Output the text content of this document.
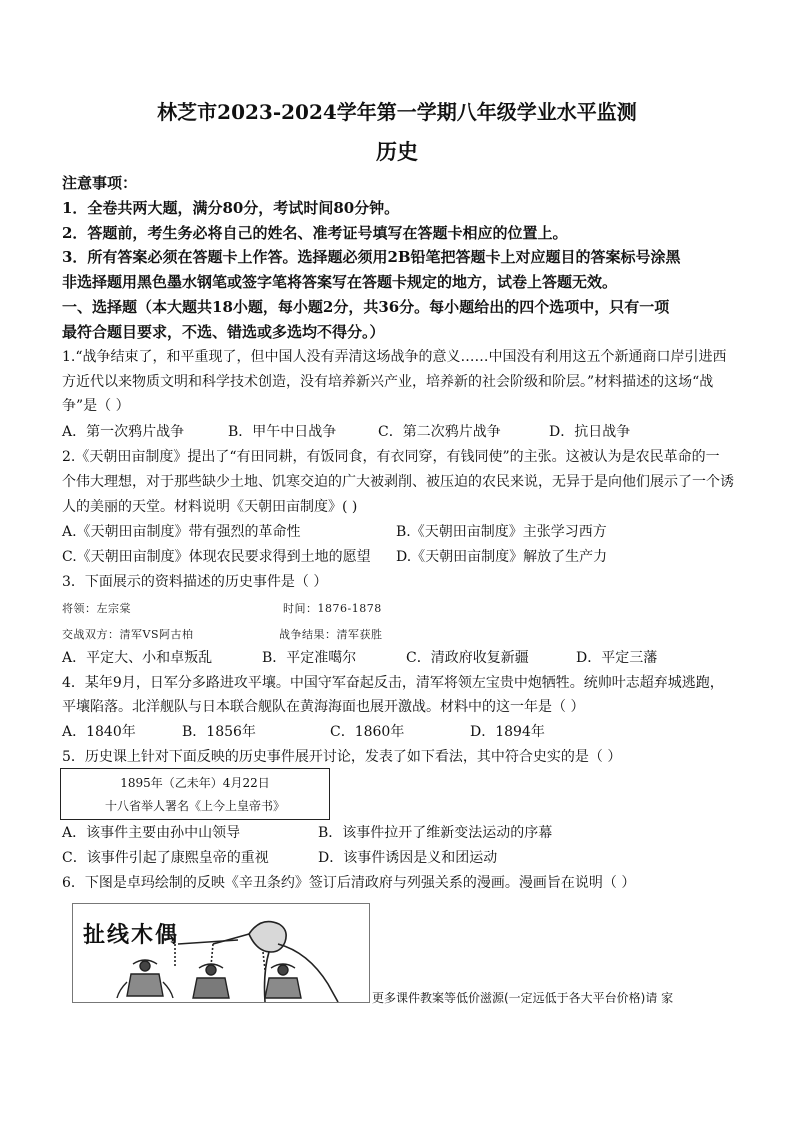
林芝市2023-2024学年第一学期八年级学业水平监测
历史
注意事项：
1．全卷共两大题，满分80分，考试时间80分钟。
2．答题前，考生务必将自己的姓名、准考证号填写在答题卡相应的位置上。
3．所有答案必须在答题卡上作答。选择题必须用2B铅笔把答题卡上对应题目的答案标号涂黑
非选择题用黑色墨水钢笔或签字笔将答案写在答题卡规定的地方，试卷上答题无效。
一、选择题（本大题共18小题，每小题2分，共36分。每小题给出的四个选项中，只有一项
最符合题目要求，不选、错选或多选均不得分。）
1.“战争结束了，和平重现了，但中国人没有弄清这场战争的意义……中国没有利用这五个新通商口岸引进西
方近代以来物质文明和科学技术创造，没有培养新兴产业，培养新的社会阶级和阶层。”材料描述的这场“战
争”是（ ）
A．第一次鸦片战争	B．甲午中日战争	C．第二次鸦片战争	D．抗日战争
2.《天朝田亩制度》提出了“有田同耕，有饭同食，有衣同穿，有钱同使”的主张。这被认为是农民革命的一
个伟大理想，对于那些缺少土地、饥寒交迫的广大被剥削、被压迫的农民来说，无异于是向他们展示了一个诱
人的美丽的天堂。材料说明《天朝田亩制度》( )
A.《天朝田亩制度》带有强烈的革命性	B.《天朝田亩制度》主张学习西方
C.《天朝田亩制度》体现农民要求得到土地的愿望 D.《天朝田亩制度》解放了生产力
3．下面展示的资料描述的历史事件是（ ）
将领：左宗棠	时间：1876-1878
交战双方：清军VS阿古柏	战争结果：清军获胜
A．平定大、小和卓叛乱	B．平定准噶尔	C．清政府收复新疆	D．平定三藩
4．某年9月，日军分多路进攻平壤。中国守军奋起反击，清军将领左宝贵中炮牺牲。统帅叶志超弃城逃跑，
平壤陷落。北洋舰队与日本联合舰队在黄海海面也展开激战。材料中的这一年是（ ）
A．1840年	B．1856年	C．1860年	D．1894年
5．历史课上针对下面反映的历史事件展开讨论，发表了如下看法，其中符合史实的是（ ）
1895年（乙未年）4月22日
十八省举人署名《上今上皇帝书》
A．该事件主要由孙中山领导	B．该事件拉开了维新变法运动的序幕
C．该事件引起了康熙皇帝的重视	D．该事件诱因是义和团运动
6．下图是卓玛绘制的反映《辛丑条约》签订后清政府与列强关系的漫画。漫画旨在说明（ ）
扯线木偶
更多课件教案等低价滋源(一定远低于各大平台价格)请 家
